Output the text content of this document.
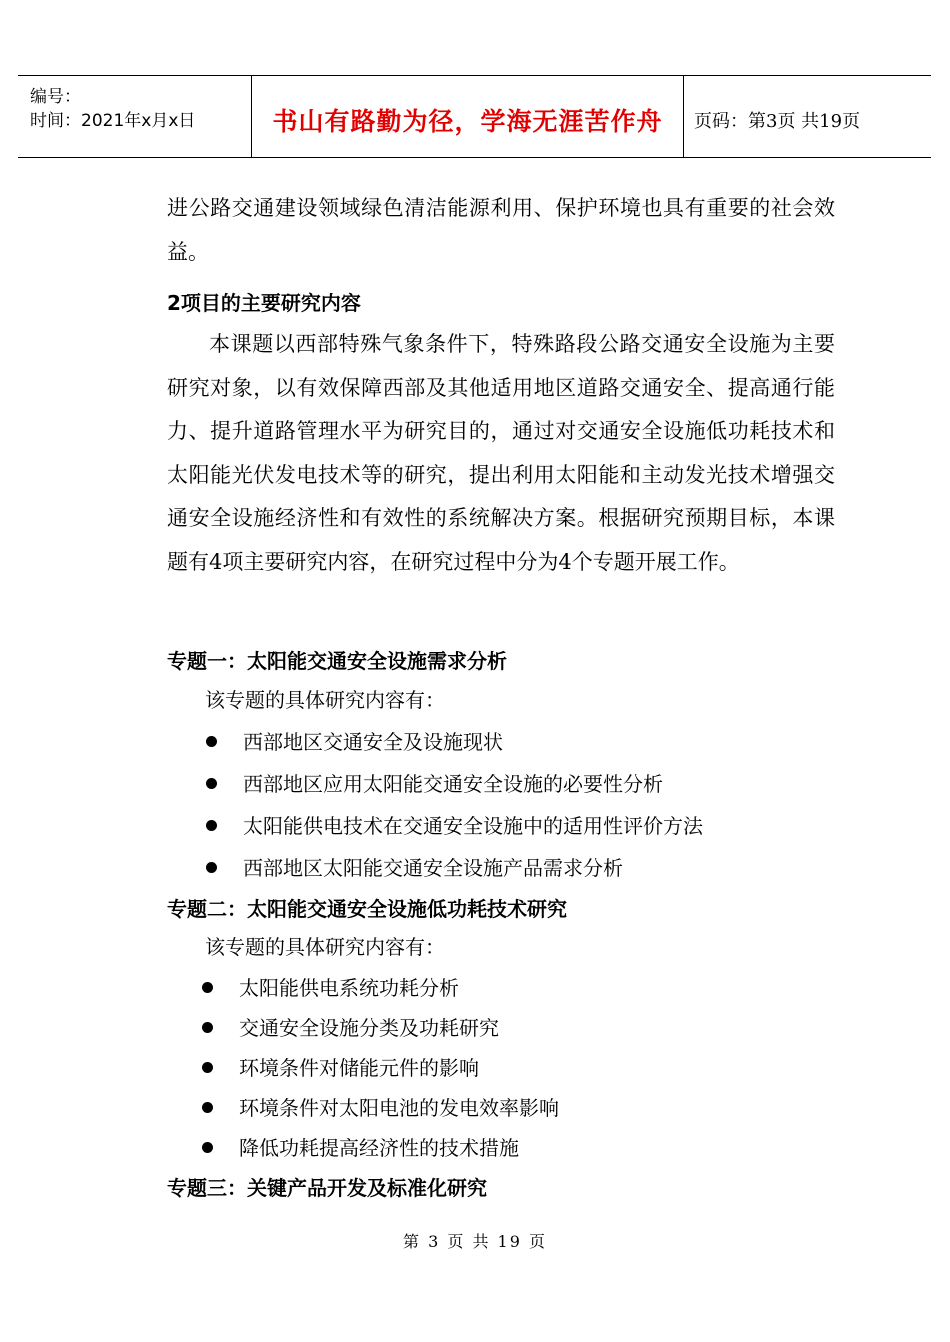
编号：
时间：2021年x月x日	书山有路勤为径，学海无涯苦作舟	页码：第3页 共19页

进公路交通建设领域绿色清洁能源利用、保护环境也具有重要的社会效益。

2项目的主要研究内容

本课题以西部特殊气象条件下，特殊路段公路交通安全设施为主要研究对象，以有效保障西部及其他适用地区道路交通安全、提高通行能力、提升道路管理水平为研究目的，通过对交通安全设施低功耗技术和太阳能光伏发电技术等的研究，提出利用太阳能和主动发光技术增强交通安全设施经济性和有效性的系统解决方案。根据研究预期目标，本课题有4项主要研究内容，在研究过程中分为4个专题开展工作。

专题一：太阳能交通安全设施需求分析
该专题的具体研究内容有：
西部地区交通安全及设施现状
西部地区应用太阳能交通安全设施的必要性分析
太阳能供电技术在交通安全设施中的适用性评价方法
西部地区太阳能交通安全设施产品需求分析
专题二：太阳能交通安全设施低功耗技术研究
该专题的具体研究内容有：
太阳能供电系统功耗分析
交通安全设施分类及功耗研究
环境条件对储能元件的影响
环境条件对太阳电池的发电效率影响
降低功耗提高经济性的技术措施
专题三：关键产品开发及标准化研究
第 3 页 共 19 页
